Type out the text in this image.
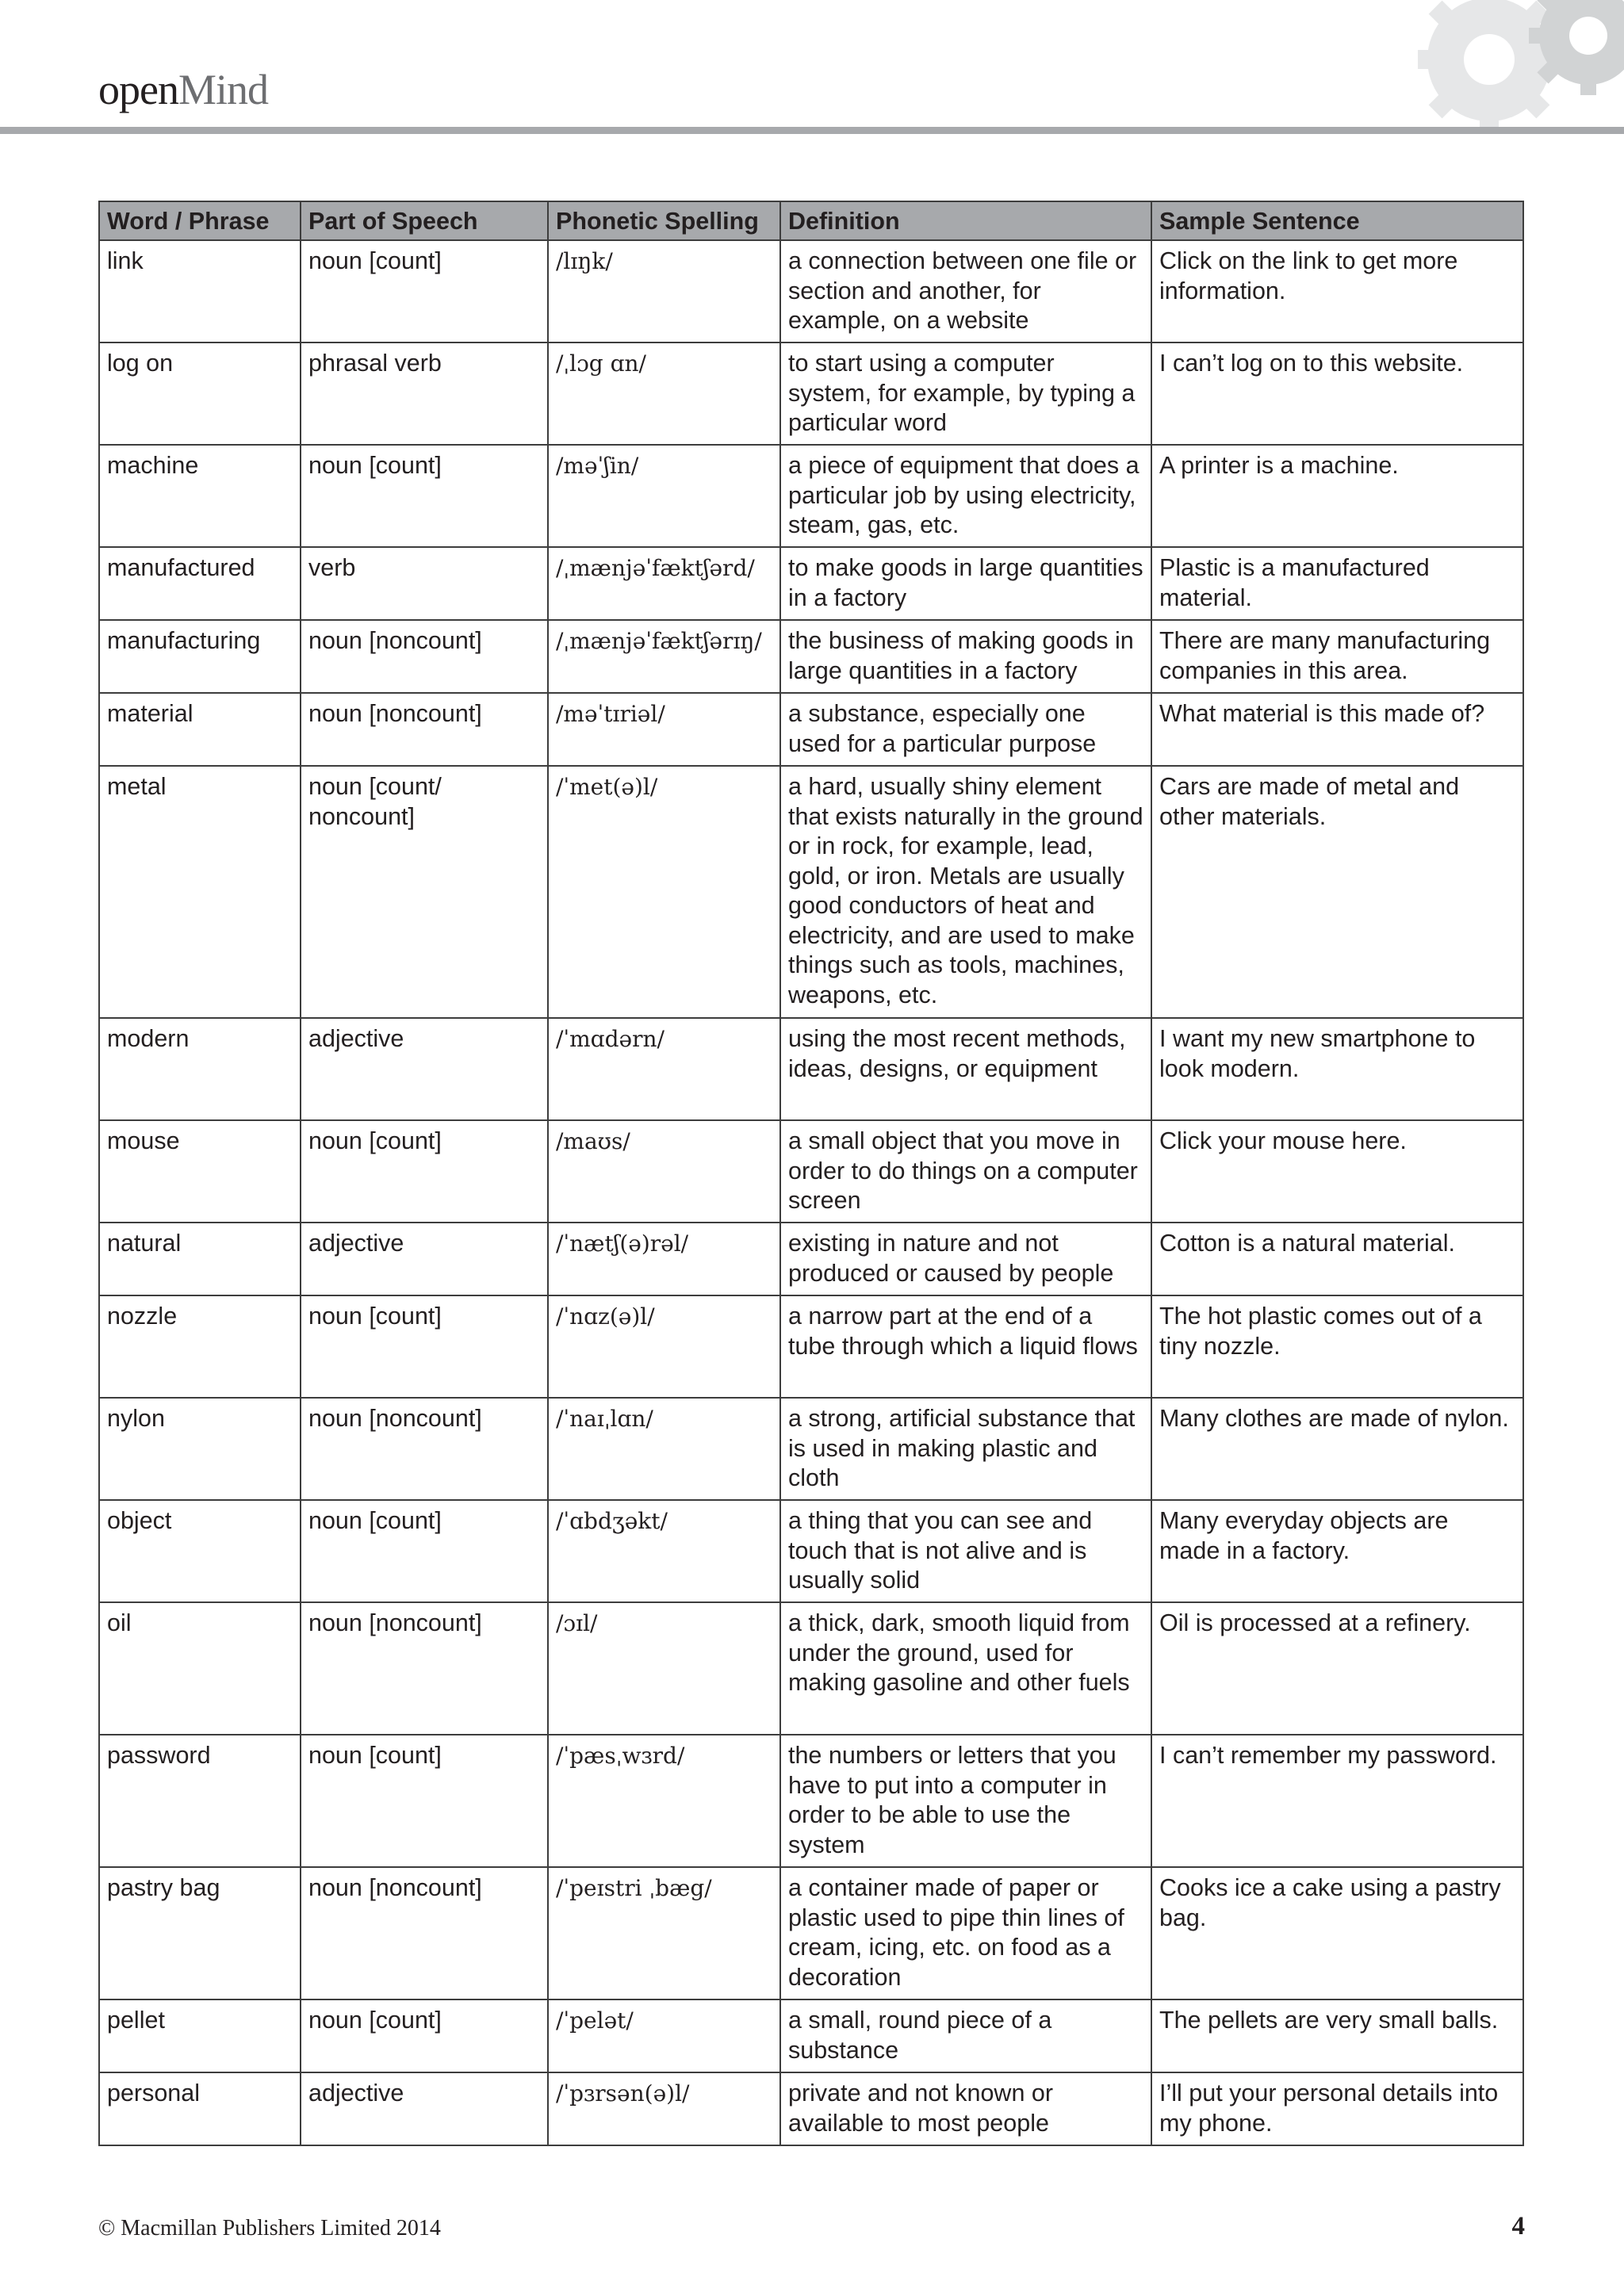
openMind
Word / Phrase	Part of Speech	Phonetic Spelling	Definition	Sample Sentence
link	noun [count]	/lɪŋk/	a connection between one file or section and another, for example, on a website	Click on the link to get more information.
log on	phrasal verb	/ˌlɔg ɑn/	to start using a computer system, for example, by typing a particular word	I can’t log on to this website.
machine	noun [count]	/məˈʃin/	a piece of equipment that does a particular job by using electricity, steam, gas, etc.	A printer is a machine.
manufactured	verb	/ˌmænjəˈfæktʃərd/	to make goods in large quantities in a factory	Plastic is a manufactured material.
manufacturing	noun [noncount]	/ˌmænjəˈfæktʃərɪŋ/	the business of making goods in large quantities in a factory	There are many manufacturing companies in this area.
material	noun [noncount]	/məˈtɪriəl/	a substance, especially one used for a particular purpose	What material is this made of?
metal	noun [count/ noncount]	/ˈmet(ə)l/	a hard, usually shiny element that exists naturally in the ground or in rock, for example, lead, gold, or iron. Metals are usually good conductors of heat and electricity, and are used to make things such as tools, machines, weapons, etc.	Cars are made of metal and other materials.
modern	adjective	/ˈmɑdərn/	using the most recent methods, ideas, designs, or equipment	I want my new smartphone to look modern.
mouse	noun [count]	/maʊs/	a small object that you move in order to do things on a computer screen	Click your mouse here.
natural	adjective	/ˈnætʃ(ə)rəl/	existing in nature and not produced or caused by people	Cotton is a natural material.
nozzle	noun [count]	/ˈnɑz(ə)l/	a narrow part at the end of a tube through which a liquid flows	The hot plastic comes out of a tiny nozzle.
nylon	noun [noncount]	/ˈnaɪˌlɑn/	a strong, artificial substance that is used in making plastic and cloth	Many clothes are made of nylon.
object	noun [count]	/ˈɑbdʒəkt/	a thing that you can see and touch that is not alive and is usually solid	Many everyday objects are made in a factory.
oil	noun [noncount]	/ɔɪl/	a thick, dark, smooth liquid from under the ground, used for making gasoline and other fuels	Oil is processed at a refinery.
password	noun [count]	/ˈpæsˌwɜrd/	the numbers or letters that you have to put into a computer in order to be able to use the system	I can’t remember my password.
pastry bag	noun [noncount]	/ˈpeɪstri ˌbæg/	a container made of paper or plastic used to pipe thin lines of cream, icing, etc. on food as a decoration	Cooks ice a cake using a pastry bag.
pellet	noun [count]	/ˈpelət/	a small, round piece of a substance	The pellets are very small balls.
personal	adjective	/ˈpɜrsən(ə)l/	private and not known or available to most people	I’ll put your personal details into my phone.
© Macmillan Publishers Limited 2014	4
